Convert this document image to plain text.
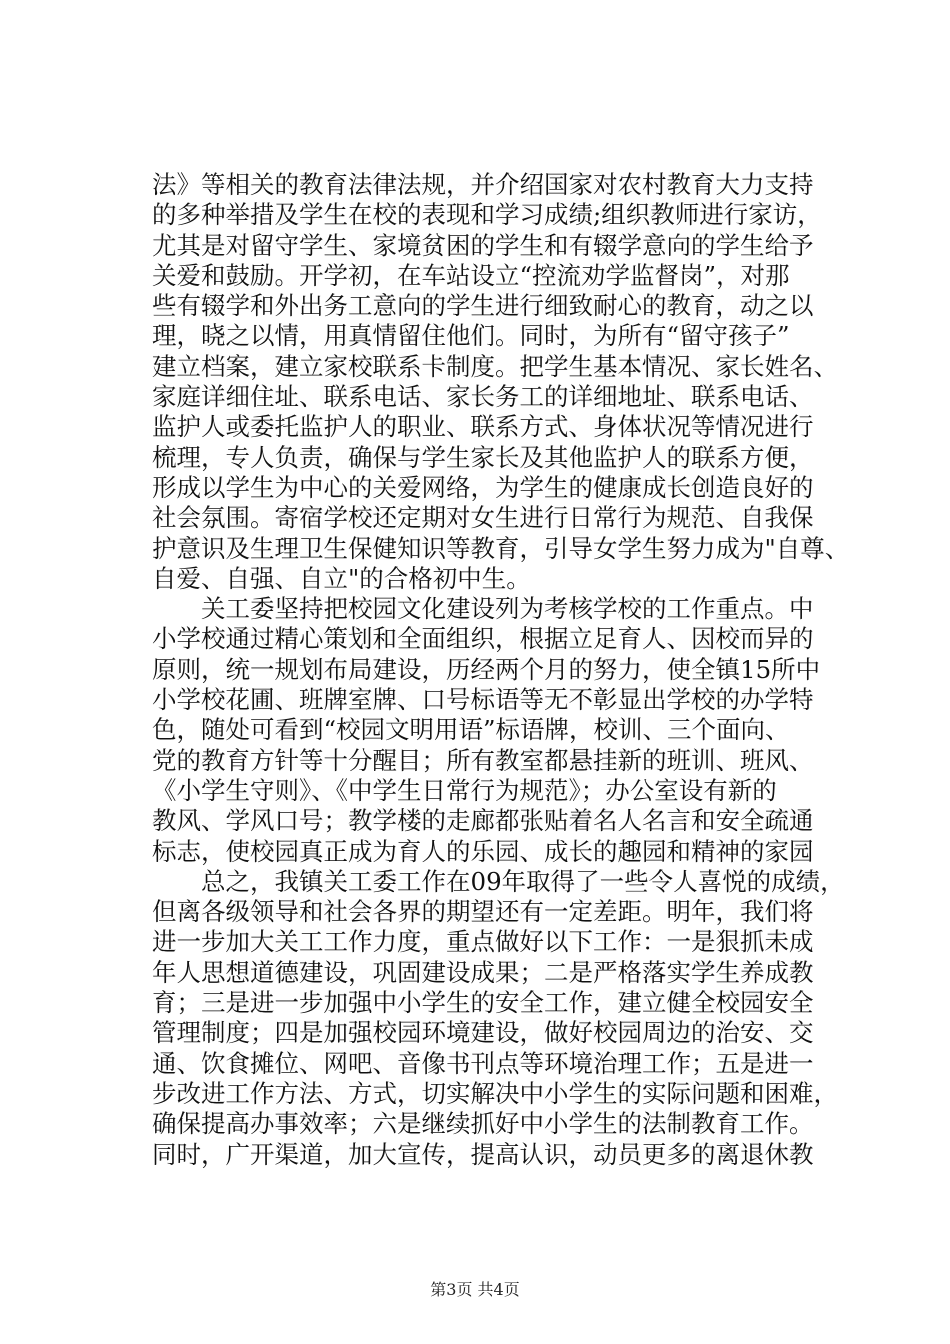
法》等相关的教育法律法规，并介绍国家对农村教育大力支持
的多种举措及学生在校的表现和学习成绩;组织教师进行家访，
尤其是对留守学生、家境贫困的学生和有辍学意向的学生给予
关爱和鼓励。开学初，在车站设立“控流劝学监督岗”，对那
些有辍学和外出务工意向的学生进行细致耐心的教育，动之以
理，晓之以情，用真情留住他们。同时，为所有“留守孩子”
建立档案，建立家校联系卡制度。把学生基本情况、家长姓名、
家庭详细住址、联系电话、家长务工的详细地址、联系电话、
监护人或委托监护人的职业、联系方式、身体状况等情况进行
梳理，专人负责，确保与学生家长及其他监护人的联系方便，
形成以学生为中心的关爱网络，为学生的健康成长创造良好的
社会氛围。寄宿学校还定期对女生进行日常行为规范、自我保
护意识及生理卫生保健知识等教育，引导女学生努力成为"自尊、
自爱、自强、自立"的合格初中生。
关工委坚持把校园文化建设列为考核学校的工作重点。中
小学校通过精心策划和全面组织，根据立足育人、因校而异的
原则，统一规划布局建设，历经两个月的努力，使全镇15所中
小学校花圃、班牌室牌、口号标语等无不彰显出学校的办学特
色，随处可看到“校园文明用语”标语牌，校训、三个面向、
党的教育方针等十分醒目；所有教室都悬挂新的班训、班风、
《小学生守则》、《中学生日常行为规范》；办公室设有新的
教风、学风口号；教学楼的走廊都张贴着名人名言和安全疏通
标志，使校园真正成为育人的乐园、成长的趣园和精神的家园
总之，我镇关工委工作在09年取得了一些令人喜悦的成绩，
但离各级领导和社会各界的期望还有一定差距。明年，我们将
进一步加大关工工作力度，重点做好以下工作：一是狠抓未成
年人思想道德建设，巩固建设成果；二是严格落实学生养成教
育；三是进一步加强中小学生的安全工作，建立健全校园安全
管理制度；四是加强校园环境建设，做好校园周边的治安、交
通、饮食摊位、网吧、音像书刊点等环境治理工作；五是进一
步改进工作方法、方式，切实解决中小学生的实际问题和困难，
确保提高办事效率；六是继续抓好中小学生的法制教育工作。
同时，广开渠道，加大宣传，提高认识，动员更多的离退休教
第3页 共4页
